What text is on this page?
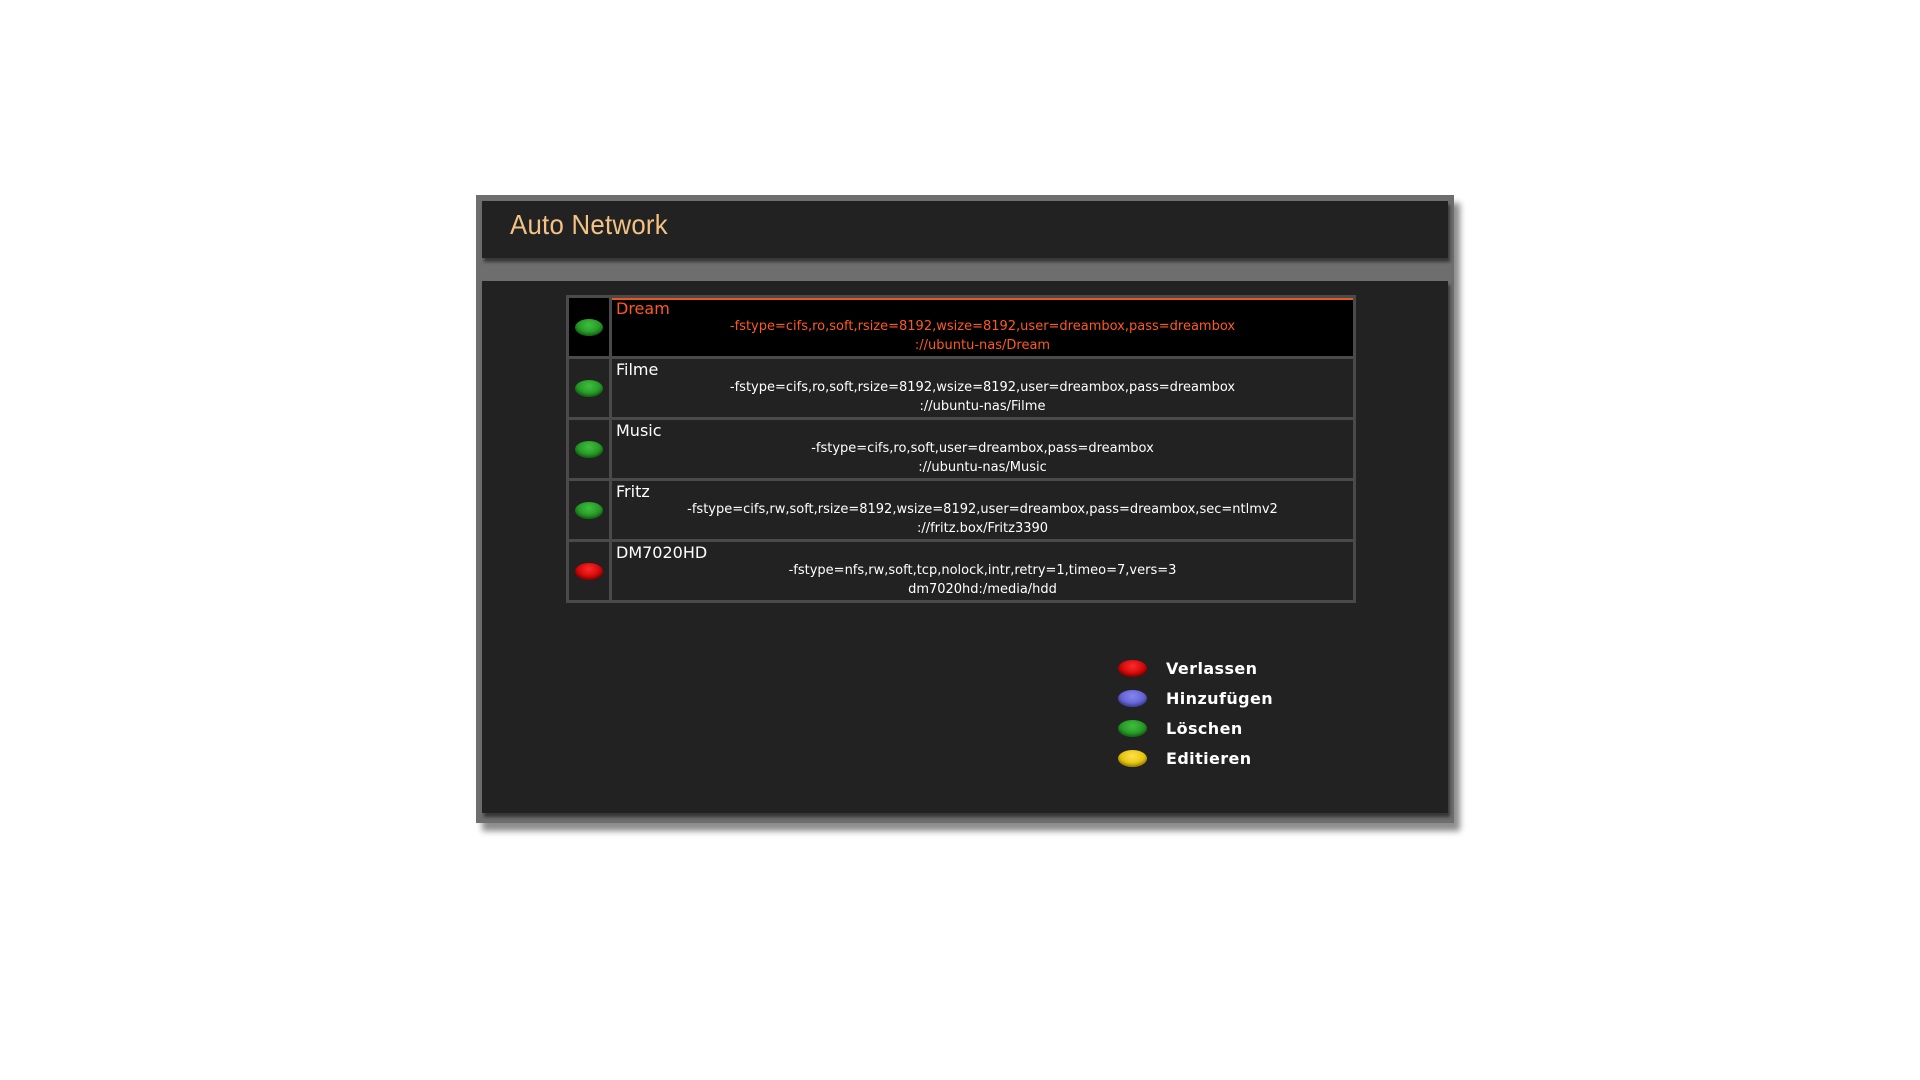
Auto Network
Dream
-fstype=cifs,ro,soft,rsize=8192,wsize=8192,user=dreambox,pass=dreambox
://ubuntu-nas/Dream
Filme
-fstype=cifs,ro,soft,rsize=8192,wsize=8192,user=dreambox,pass=dreambox
://ubuntu-nas/Filme
Music
-fstype=cifs,ro,soft,user=dreambox,pass=dreambox
://ubuntu-nas/Music
Fritz
-fstype=cifs,rw,soft,rsize=8192,wsize=8192,user=dreambox,pass=dreambox,sec=ntlmv2
://fritz.box/Fritz3390
DM7020HD
-fstype=nfs,rw,soft,tcp,nolock,intr,retry=1,timeo=7,vers=3
dm7020hd:/media/hdd
Verlassen
Hinzufügen
Löschen
Editieren
